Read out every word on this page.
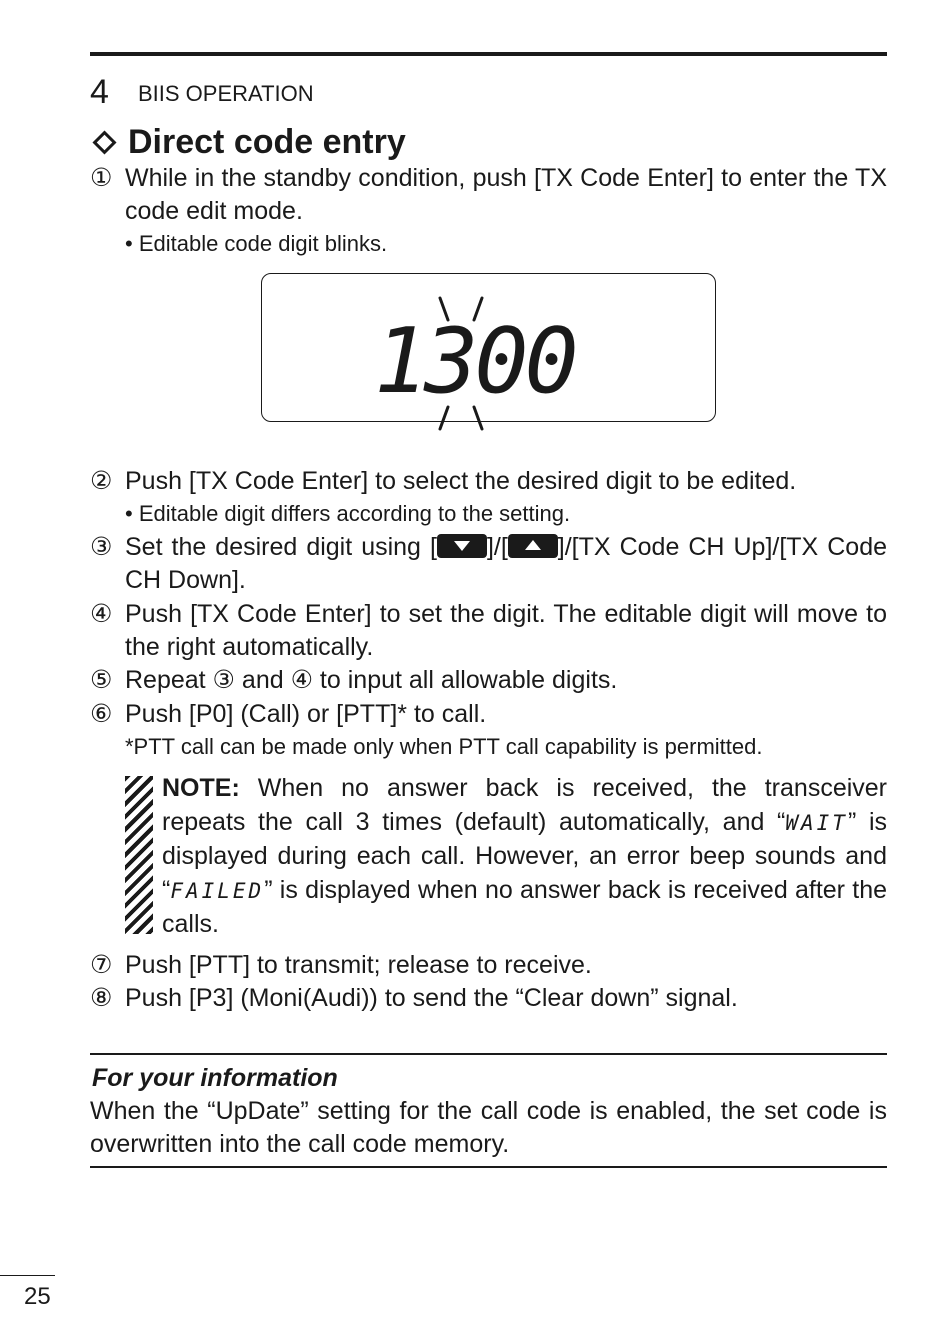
4 BIIS OPERATION
Direct code entry
① While in the standby condition, push [TX Code Enter] to enter the TX code edit mode.
• Editable code digit blinks.
1300
② Push [TX Code Enter] to select the desired digit to be edited.
• Editable digit differs according to the setting.
③ Set the desired digit using [ ]/[ ]/[TX Code CH Up]/[TX Code CH Down].
④ Push [TX Code Enter] to set the digit. The editable digit will move to the right automatically.
⑤ Repeat ③ and ④ to input all allowable digits.
⑥ Push [P0] (Call) or [PTT]* to call.
*PTT call can be made only when PTT call capability is permitted.
NOTE: When no answer back is received, the transceiver repeats the call 3 times (default) automatically, and “WAIT” is displayed during each call. However, an error beep sounds and “FAILED” is displayed when no answer back is received after the calls.
⑦ Push [PTT] to transmit; release to receive.
⑧ Push [P3] (Moni(Audi)) to send the “Clear down” signal.
For your information
When the “UpDate” setting for the call code is enabled, the set code is overwritten into the call code memory.
25
